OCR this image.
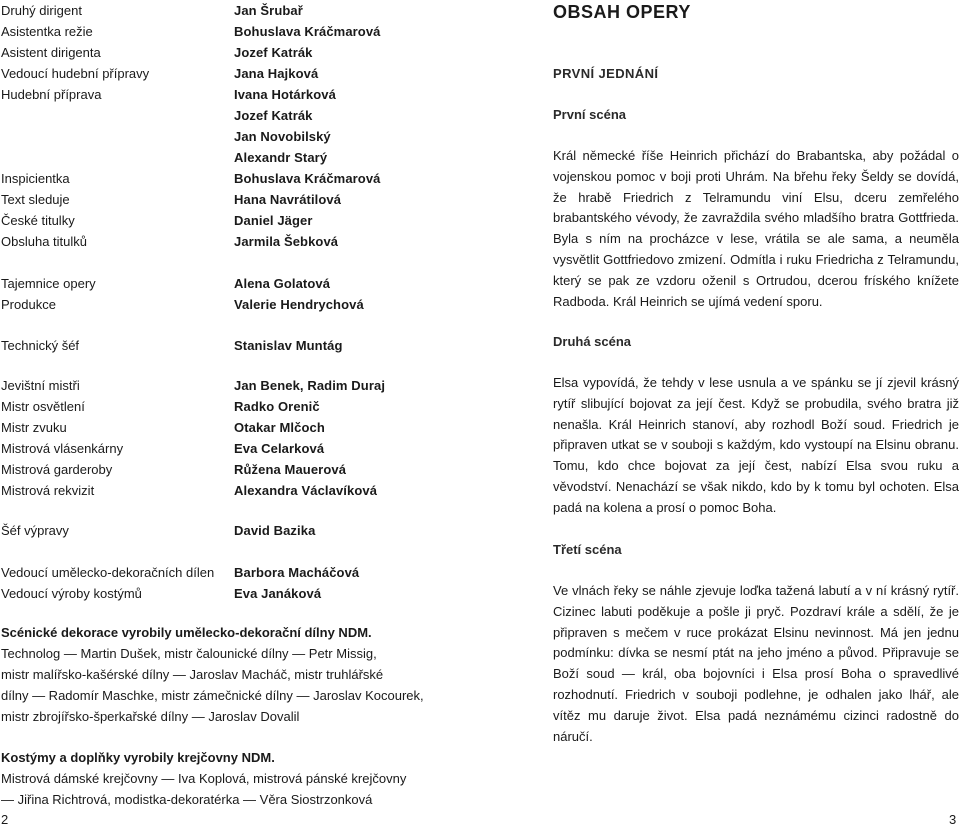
Druhý dirigent	Jan Šrubař
Asistentka režie	Bohuslava Kráčmarová
Asistent dirigenta	Jozef Katrák
Vedoucí hudební přípravy	Jana Hajková
Hudební příprava	Ivana Hotárková
Jozef Katrák
Jan Novobilský
Alexandr Starý
Inspicientka	Bohuslava Kráčmarová
Text sleduje	Hana Navrátilová
České titulky	Daniel Jäger
Obsluha titulků	Jarmila Šebková
Tajemnice opery	Alena Golatová
Produkce	Valerie Hendrychová
Technický šéf	Stanislav Muntág
Jevištní mistři	Jan Benek, Radim Duraj
Mistr osvětlení	Radko Orenič
Mistr zvuku	Otakar Mlčoch
Mistrová vlásenkárny	Eva Celarková
Mistrová garderoby	Růžena Mauerová
Mistrová rekvizit	Alexandra Václavíková
Šéf výpravy	David Bazika
Vedoucí umělecko-dekoračních dílen Barbora Macháčová
Vedoucí výroby kostýmů	Eva Janáková
Scénické dekorace vyrobily umělecko-dekorační dílny NDM.
Technolog — Martin Dušek, mistr čalounické dílny — Petr Missig,
mistr malířsko-kašérské dílny — Jaroslav Macháč, mistr truhlářské
dílny — Radomír Maschke, mistr zámečnické dílny — Jaroslav Kocourek,
mistr zbrojířsko-šperkařské dílny — Jaroslav Dovalil
Kostýmy a doplňky vyrobily krejčovny NDM.
Mistrová dámské krejčovny — Iva Koplová, mistrová pánské krejčovny
— Jiřina Richtrová, modistka-dekoratérka — Věra Siostrzonková
2	3
OBSAH OPERY
PRVNÍ JEDNÁNÍ
První scéna
Král německé říše Heinrich přichází do Brabantska, aby požádal o vojenskou pomoc v boji proti Uhrám. Na břehu řeky Šeldy se dovídá, že hrabě Friedrich z Telramundu viní Elsu, dceru zemřelého brabantského vévody, že zavraždila svého mladšího bratra Gottfrieda. Byla s ním na procházce v lese, vrátila se ale sama, a neuměla vysvětlit Gottfriedovo zmizení. Odmítla i ruku Friedricha z Telramundu, který se pak ze vzdoru oženil s Ortrudou, dcerou fríského knížete Radboda. Král Heinrich se ujímá vedení sporu.
Druhá scéna
Elsa vypovídá, že tehdy v lese usnula a ve spánku se jí zjevil krásný rytíř slibující bojovat za její čest. Když se probudila, svého bratra již nenašla. Král Heinrich stanoví, aby rozhodl Boží soud. Friedrich je připraven utkat se v souboji s každým, kdo vystoupí na Elsinu obranu. Tomu, kdo chce bojovat za její čest, nabízí Elsa svou ruku a věvodství. Nenachází se však nikdo, kdo by k tomu byl ochoten. Elsa padá na kolena a prosí o pomoc Boha.
Třetí scéna
Ve vlnách řeky se náhle zjevuje loďka tažená labutí a v ní krásný rytíř. Cizinec labuti poděkuje a pošle ji pryč. Pozdraví krále a sdělí, že je připraven s mečem v ruce prokázat Elsinu nevinnost. Má jen jednu podmínku: dívka se nesmí ptát na jeho jméno a původ. Připravuje se Boží soud — král, oba bojovníci i Elsa prosí Boha o spravedlivé rozhodnutí. Friedrich v souboji podlehne, je odhalen jako lhář, ale vítěz mu daruje život. Elsa padá neznámému cizinci radostně do náručí.
